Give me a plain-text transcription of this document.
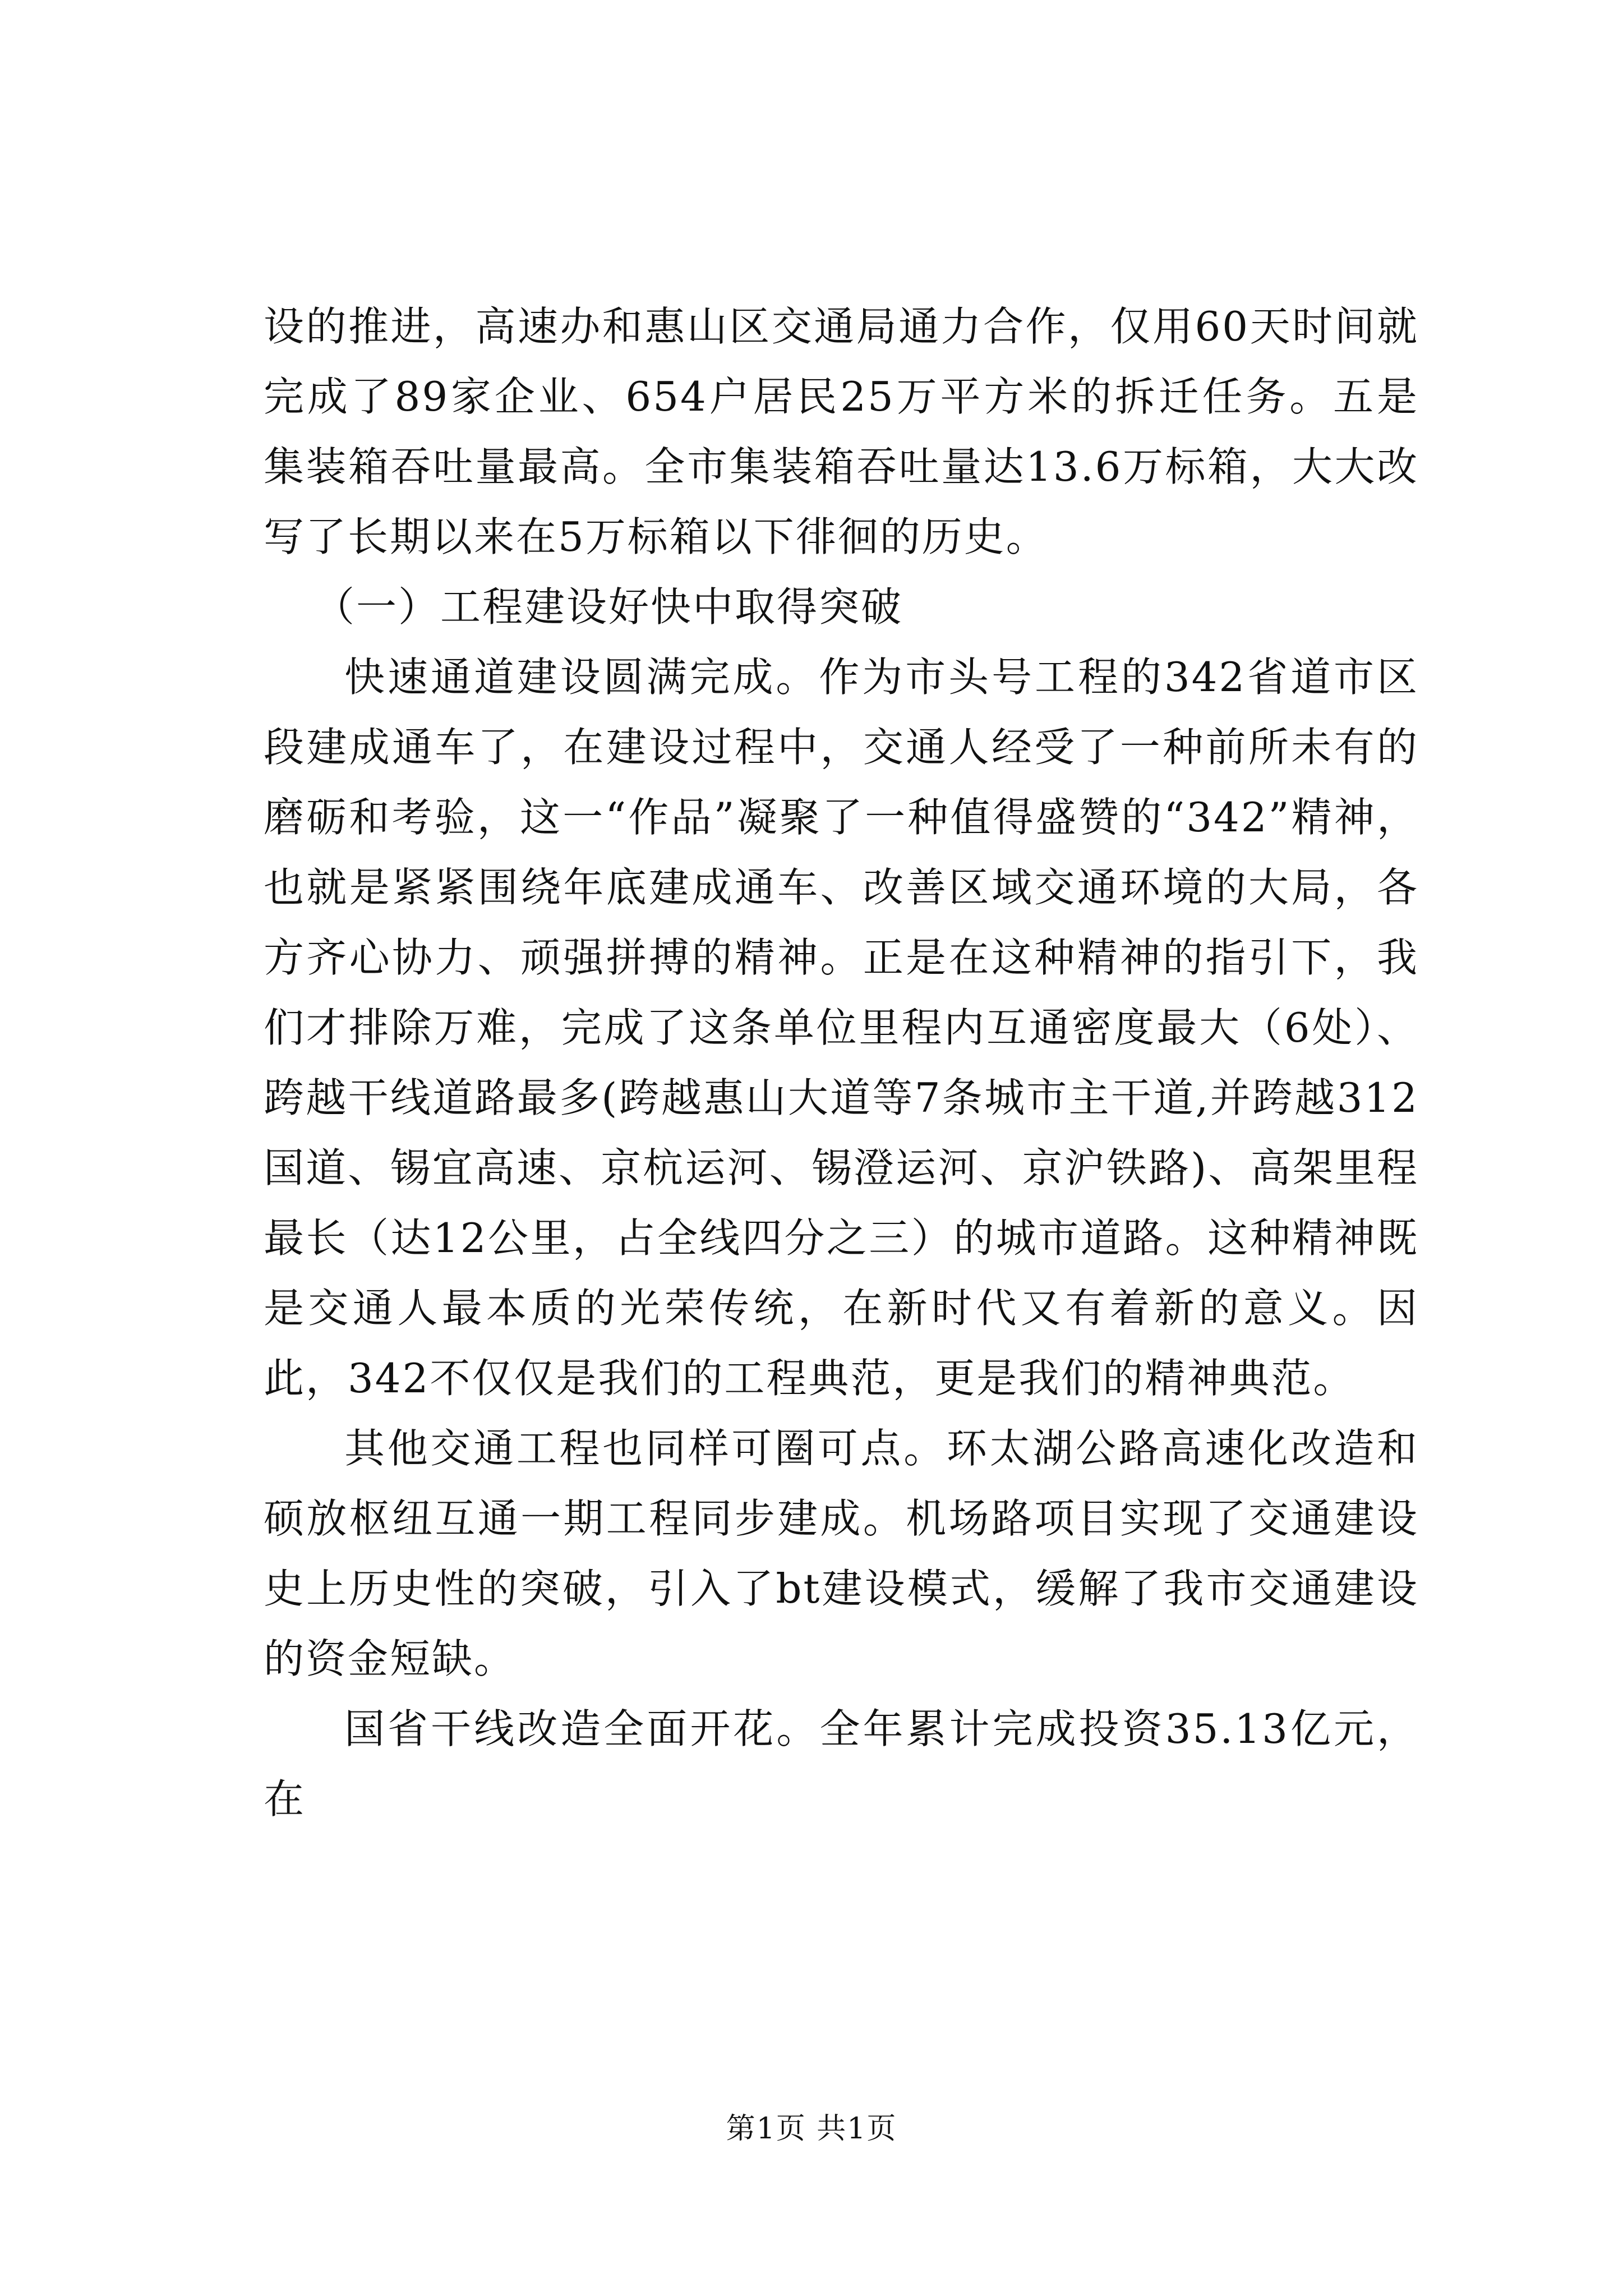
设的推进，高速办和惠山区交通局通力合作，仅用60天时间就完成了89家企业、654户居民25万平方米的拆迁任务。五是集装箱吞吐量最高。全市集装箱吞吐量达13.6万标箱，大大改写了长期以来在5万标箱以下徘徊的历史。

（一）工程建设好快中取得突破

快速通道建设圆满完成。作为市头号工程的342省道市区段建成通车了，在建设过程中，交通人经受了一种前所未有的磨砺和考验，这一“作品”凝聚了一种值得盛赞的“342”精神，也就是紧紧围绕年底建成通车、改善区域交通环境的大局，各方齐心协力、顽强拼搏的精神。正是在这种精神的指引下，我们才排除万难，完成了这条单位里程内互通密度最大（6处）、跨越干线道路最多(跨越惠山大道等7条城市主干道,并跨越312国道、锡宜高速、京杭运河、锡澄运河、京沪铁路)、高架里程最长（达12公里，占全线四分之三）的城市道路。这种精神既是交通人最本质的光荣传统，在新时代又有着新的意义。因此，342不仅仅是我们的工程典范，更是我们的精神典范。

其他交通工程也同样可圈可点。环太湖公路高速化改造和硕放枢纽互通一期工程同步建成。机场路项目实现了交通建设史上历史性的突破，引入了bt建设模式，缓解了我市交通建设的资金短缺。

国省干线改造全面开花。全年累计完成投资35.13亿元，在

第1页 共1页
